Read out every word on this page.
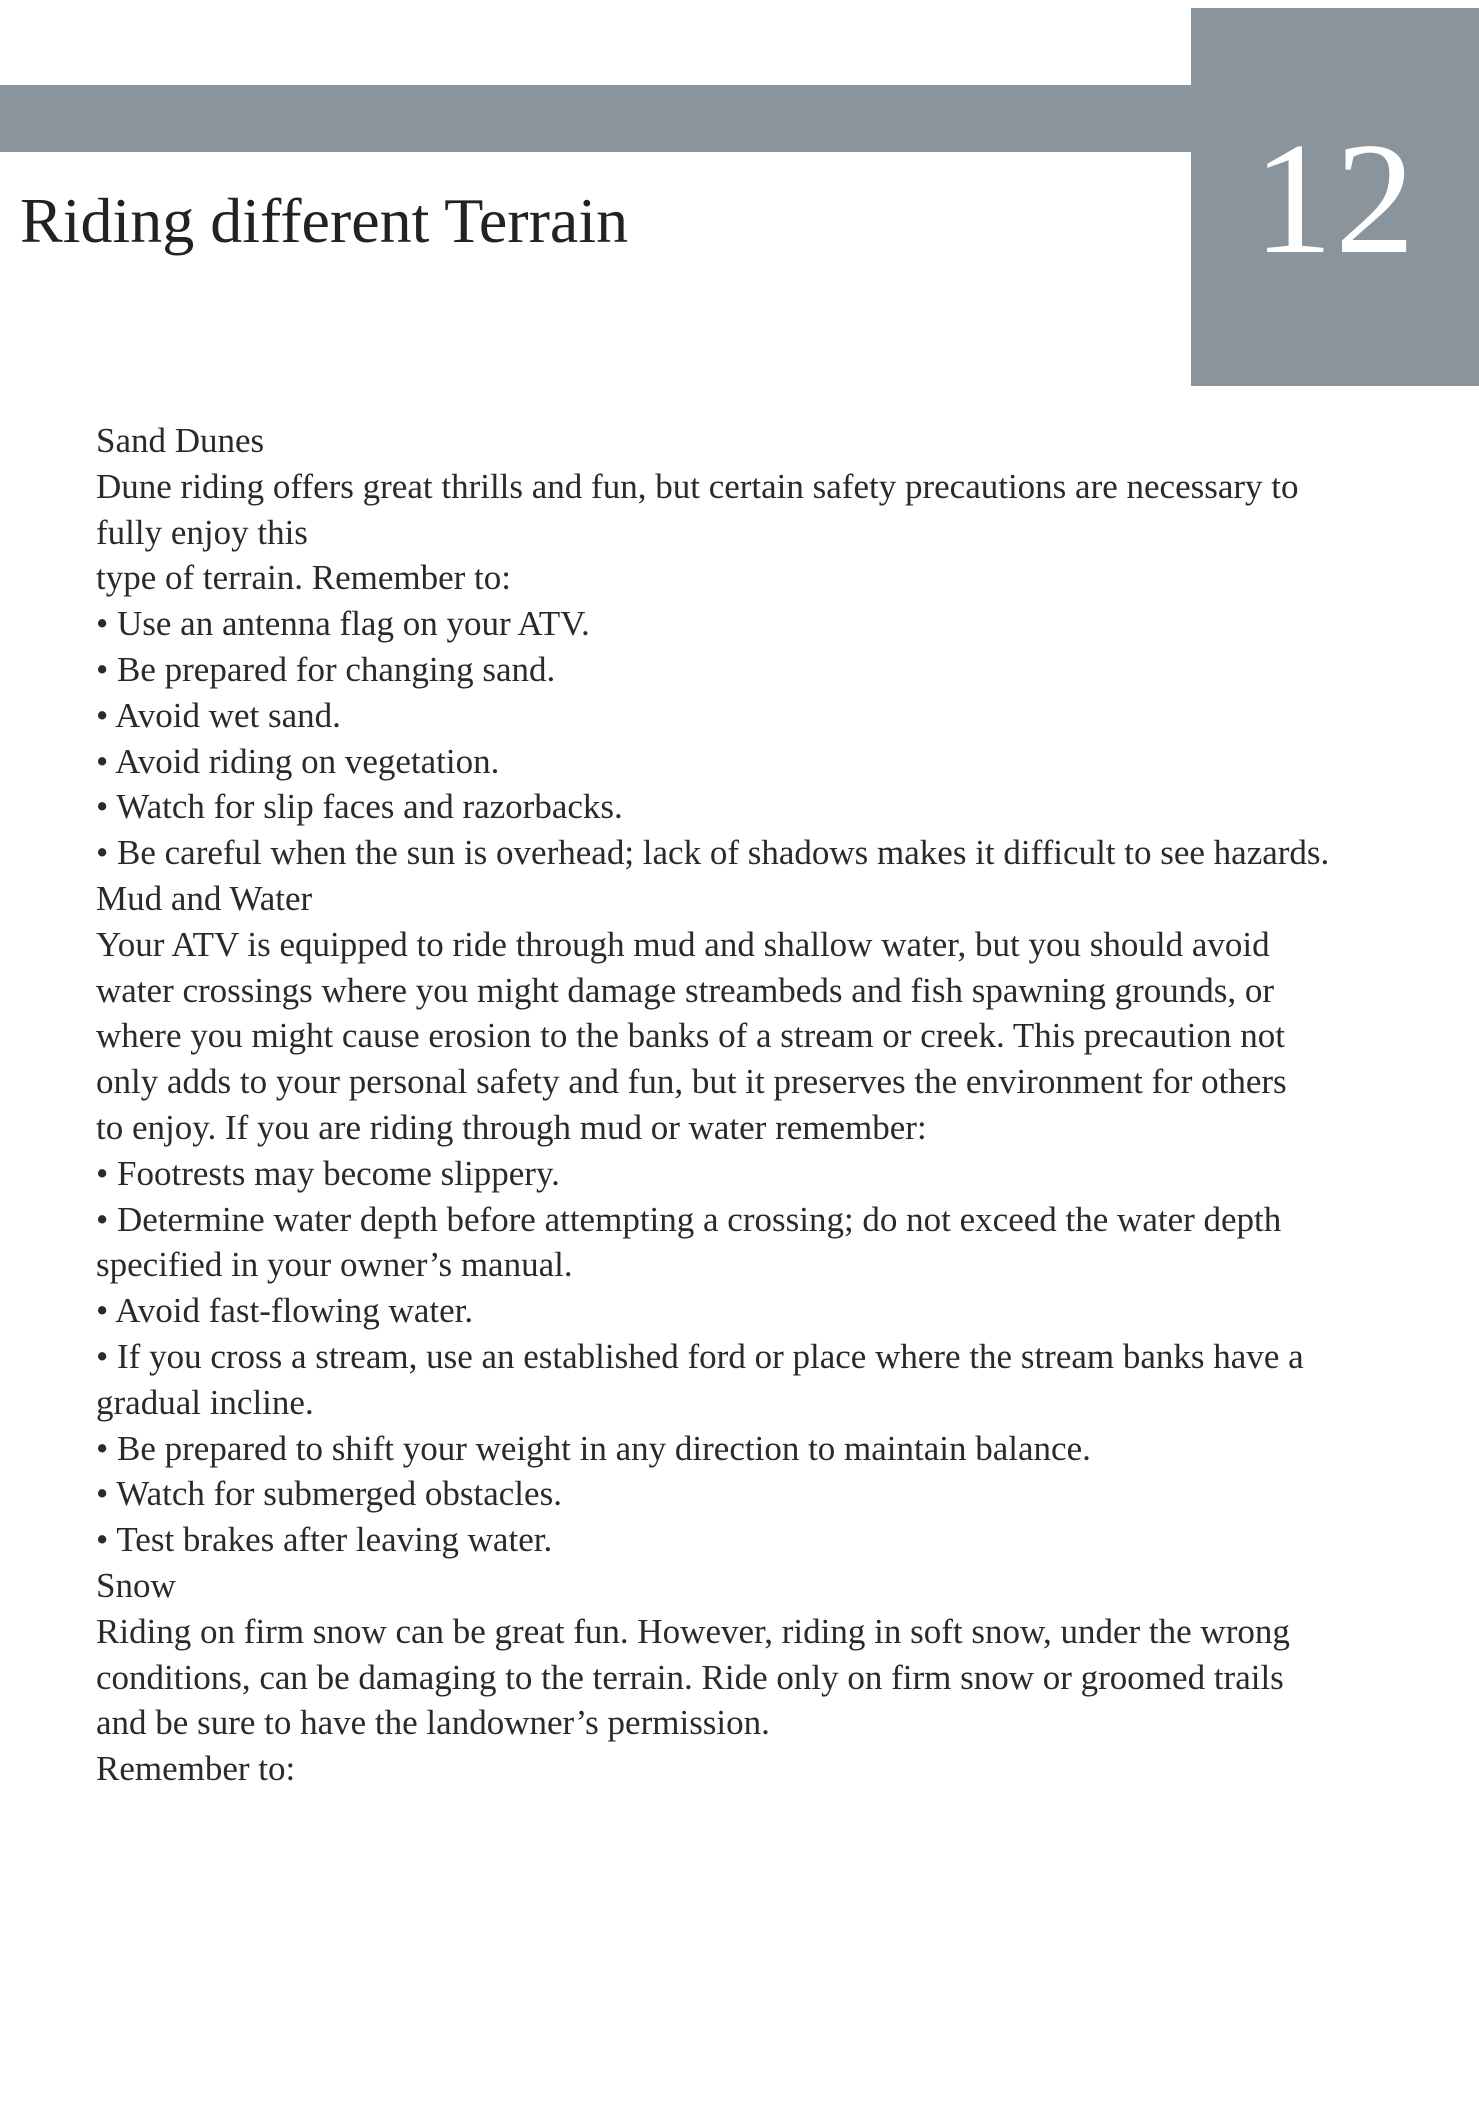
12
Riding different Terrain

Sand Dunes

Dune riding offers great thrills and fun, but certain safety precautions are necessary to

fully enjoy this

type of terrain. Remember to:

• Use an antenna flag on your ATV.

• Be prepared for changing sand.

• Avoid wet sand.

• Avoid riding on vegetation.

• Watch for slip faces and razorbacks.

• Be careful when the sun is overhead; lack of shadows makes it difficult to see hazards.

Mud and Water

Your ATV is equipped to ride through mud and shallow water, but you should avoid

water crossings where you might damage streambeds and fish spawning grounds, or

where you might cause erosion to the banks of a stream or creek. This precaution not

only adds to your personal safety and fun, but it preserves the environment for others

to enjoy. If you are riding through mud or water remember:

• Footrests may become slippery.

• Determine water depth before attempting a crossing; do not exceed the water depth

specified in your owner’s manual.

• Avoid fast-flowing water.

• If you cross a stream, use an established ford or place where the stream banks have a

gradual incline.

• Be prepared to shift your weight in any direction to maintain balance.

• Watch for submerged obstacles.

• Test brakes after leaving water.

Snow

Riding on firm snow can be great fun. However, riding in soft snow, under the wrong

conditions, can be damaging to the terrain. Ride only on firm snow or groomed trails

and be sure to have the landowner’s permission.

Remember to:
